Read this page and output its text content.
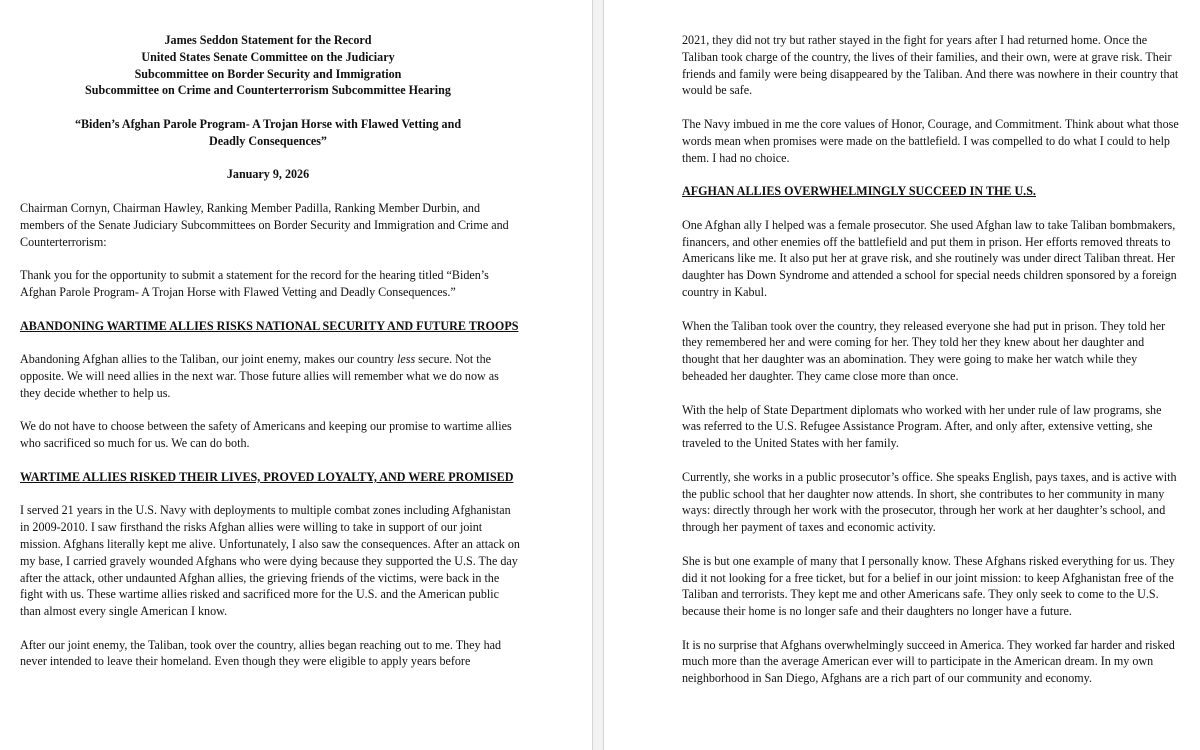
James Seddon Statement for the Record
United States Senate Committee on the Judiciary
Subcommittee on Border Security and Immigration
Subcommittee on Crime and Counterterrorism Subcommittee Hearing
“Biden’s Afghan Parole Program- A Trojan Horse with Flawed Vetting and Deadly Consequences”
January 9, 2026

Chairman Cornyn, Chairman Hawley, Ranking Member Padilla, Ranking Member Durbin, and members of the Senate Judiciary Subcommittees on Border Security and Immigration and Crime and Counterterrorism:

Thank you for the opportunity to submit a statement for the record for the hearing titled “Biden’s Afghan Parole Program- A Trojan Horse with Flawed Vetting and Deadly Consequences.”

ABANDONING WARTIME ALLIES RISKS NATIONAL SECURITY AND FUTURE TROOPS

Abandoning Afghan allies to the Taliban, our joint enemy, makes our country less secure. Not the opposite. We will need allies in the next war. Those future allies will remember what we do now as they decide whether to help us.

We do not have to choose between the safety of Americans and keeping our promise to wartime allies who sacrificed so much for us. We can do both.

WARTIME ALLIES RISKED THEIR LIVES, PROVED LOYALTY, AND WERE PROMISED

I served 21 years in the U.S. Navy with deployments to multiple combat zones including Afghanistan in 2009-2010. I saw firsthand the risks Afghan allies were willing to take in support of our joint mission. Afghans literally kept me alive. Unfortunately, I also saw the consequences. After an attack on my base, I carried gravely wounded Afghans who were dying because they supported the U.S. The day after the attack, other undaunted Afghan allies, the grieving friends of the victims, were back in the fight with us. These wartime allies risked and sacrificed more for the U.S. and the American public than almost every single American I know.

After our joint enemy, the Taliban, took over the country, allies began reaching out to me. They had never intended to leave their homeland. Even though they were eligible to apply years before

2021, they did not try but rather stayed in the fight for years after I had returned home. Once the Taliban took charge of the country, the lives of their families, and their own, were at grave risk. Their friends and family were being disappeared by the Taliban. And there was nowhere in their country that would be safe.

The Navy imbued in me the core values of Honor, Courage, and Commitment. Think about what those words mean when promises were made on the battlefield. I was compelled to do what I could to help them. I had no choice.

AFGHAN ALLIES OVERWHELMINGLY SUCCEED IN THE U.S.

One Afghan ally I helped was a female prosecutor. She used Afghan law to take Taliban bombmakers, financers, and other enemies off the battlefield and put them in prison. Her efforts removed threats to Americans like me. It also put her at grave risk, and she routinely was under direct Taliban threat. Her daughter has Down Syndrome and attended a school for special needs children sponsored by a foreign country in Kabul.

When the Taliban took over the country, they released everyone she had put in prison. They told her they remembered her and were coming for her. They told her they knew about her daughter and thought that her daughter was an abomination. They were going to make her watch while they beheaded her daughter. They came close more than once.

With the help of State Department diplomats who worked with her under rule of law programs, she was referred to the U.S. Refugee Assistance Program. After, and only after, extensive vetting, she traveled to the United States with her family.

Currently, she works in a public prosecutor’s office. She speaks English, pays taxes, and is active with the public school that her daughter now attends. In short, she contributes to her community in many ways: directly through her work with the prosecutor, through her work at her daughter’s school, and through her payment of taxes and economic activity.

She is but one example of many that I personally know. These Afghans risked everything for us. They did it not looking for a free ticket, but for a belief in our joint mission: to keep Afghanistan free of the Taliban and terrorists. They kept me and other Americans safe. They only seek to come to the U.S. because their home is no longer safe and their daughters no longer have a future.

It is no surprise that Afghans overwhelmingly succeed in America. They worked far harder and risked much more than the average American ever will to participate in the American dream. In my own neighborhood in San Diego, Afghans are a rich part of our community and economy.
